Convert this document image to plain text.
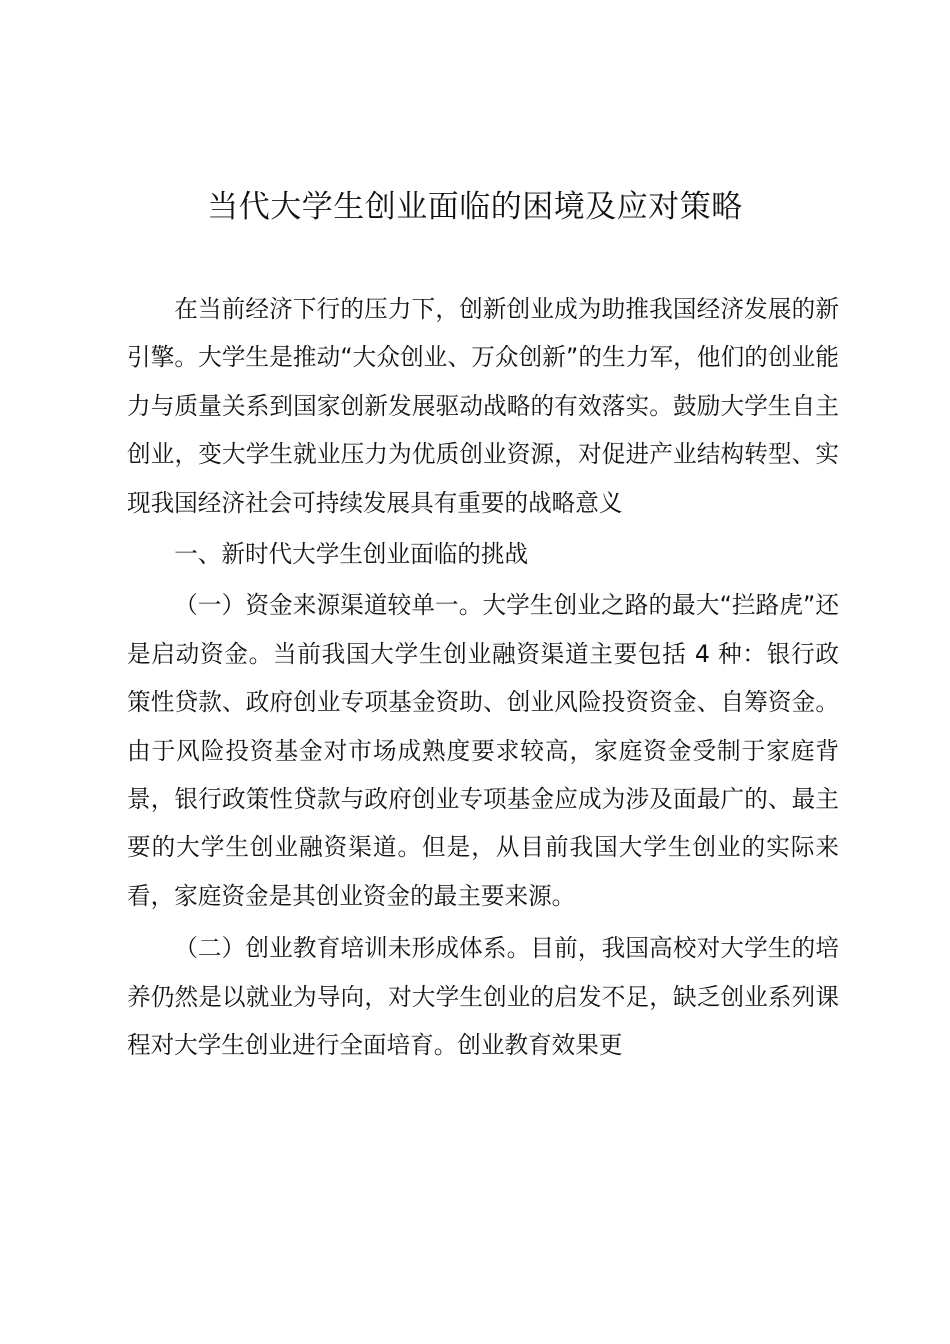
当代大学生创业面临的困境及应对策略

在当前经济下行的压力下，创新创业成为助推我国经济发展的新引擎。大学生是推动“大众创业、万众创新”的生力军，他们的创业能力与质量关系到国家创新发展驱动战略的有效落实。鼓励大学生自主创业，变大学生就业压力为优质创业资源，对促进产业结构转型、实现我国经济社会可持续发展具有重要的战略意义

一、新时代大学生创业面临的挑战

（一）资金来源渠道较单一。大学生创业之路的最大“拦路虎”还是启动资金。当前我国大学生创业融资渠道主要包括 4 种：银行政策性贷款、政府创业专项基金资助、创业风险投资资金、自筹资金。由于风险投资基金对市场成熟度要求较高，家庭资金受制于家庭背景，银行政策性贷款与政府创业专项基金应成为涉及面最广的、最主要的大学生创业融资渠道。但是，从目前我国大学生创业的实际来看，家庭资金是其创业资金的最主要来源。

（二）创业教育培训未形成体系。目前，我国高校对大学生的培养仍然是以就业为导向，对大学生创业的启发不足，缺乏创业系列课程对大学生创业进行全面培育。创业教育效果更
